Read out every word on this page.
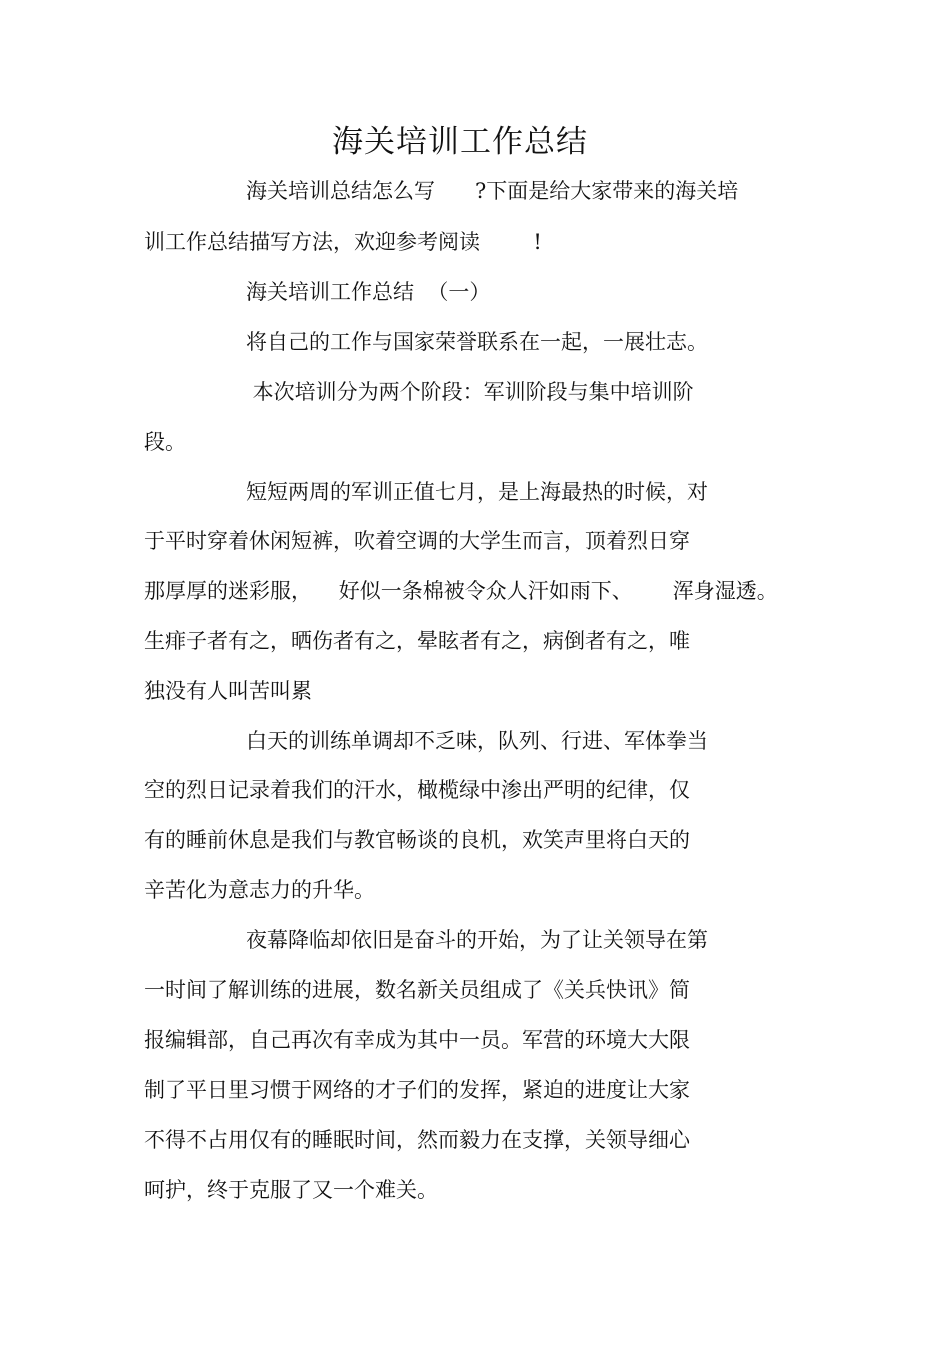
海关培训工作总结
海关培训总结怎么写      ?下面是给大家带来的海关培
训工作总结描写方法，欢迎参考阅读        !
海关培训工作总结  （一）
将自己的工作与国家荣誉联系在一起，一展壮志。
本次培训分为两个阶段：军训阶段与集中培训阶
段。
短短两周的军训正值七月，是上海最热的时候，对
于平时穿着休闲短裤，吹着空调的大学生而言，顶着烈日穿
那厚厚的迷彩服，    好似一条棉被令众人汗如雨下、      浑身湿透。
生痱子者有之，晒伤者有之，晕眩者有之，病倒者有之，唯
独没有人叫苦叫累
白天的训练单调却不乏味，队列、行进、军体拳当
空的烈日记录着我们的汗水，橄榄绿中渗出严明的纪律，仅
有的睡前休息是我们与教官畅谈的良机，欢笑声里将白天的
辛苦化为意志力的升华。
夜幕降临却依旧是奋斗的开始，为了让关领导在第
一时间了解训练的进展，数名新关员组成了《关兵快讯》简
报编辑部，自己再次有幸成为其中一员。军营的环境大大限
制了平日里习惯于网络的才子们的发挥，紧迫的进度让大家
不得不占用仅有的睡眠时间，然而毅力在支撑，关领导细心
呵护，终于克服了又一个难关。
